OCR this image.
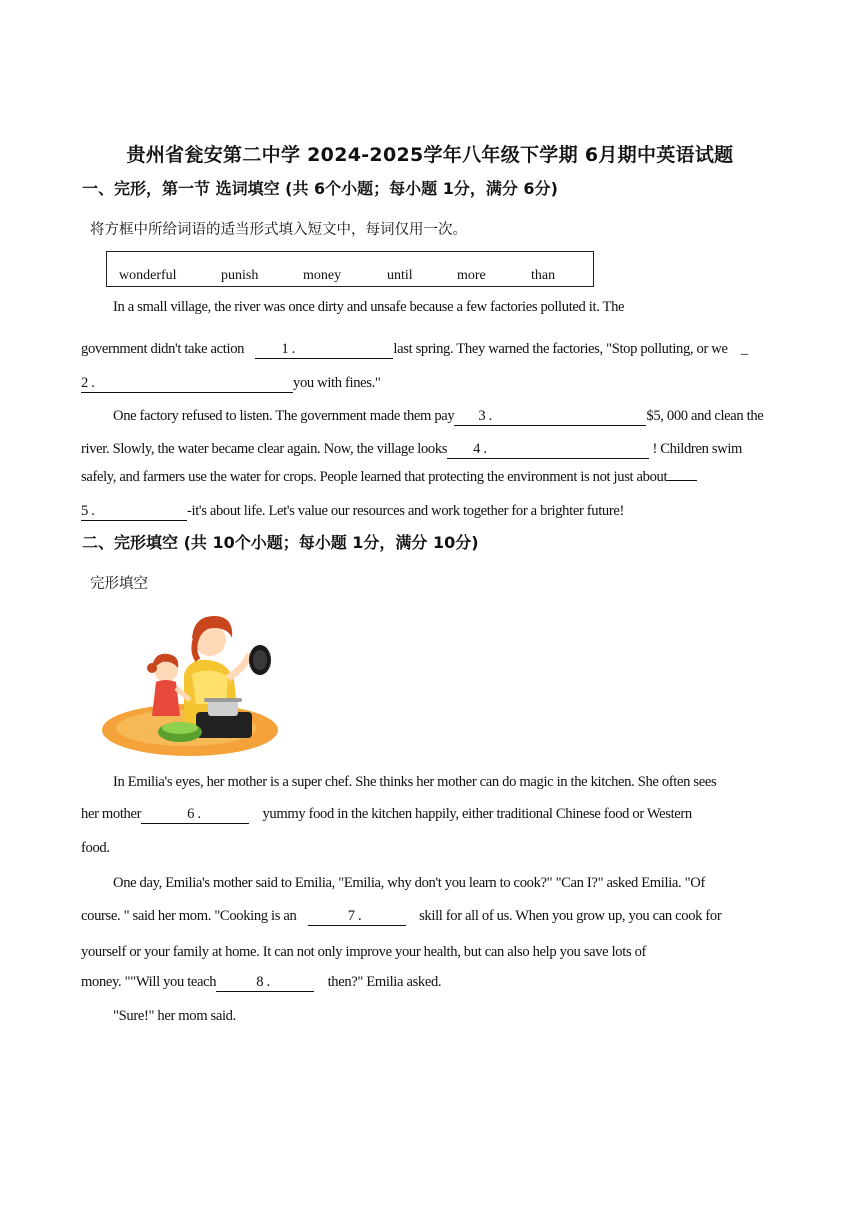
贵州省瓮安第二中学 2024-2025学年八年级下学期 6月期中英语试题
一、完形，第一节 选词填空 (共 6个小题；每小题 1分，满分 6分)
将方框中所给词语的适当形式填入短文中，每词仅用一次。
wonderful	punish	money	until	more	than
In a small village, the river was once dirty and unsafe because a few factories polluted it. The
government didn't take action	1 .	last spring. They warned the factories, "Stop polluting, or we _
2 .	you with fines."
One factory refused to listen. The government made them pay 3 .	$5, 000 and clean the
river. Slowly, the water became clear again. Now, the village looks 4 .	! Children swim
safely, and farmers use the water for crops. People learned that protecting the environment is not just about
5 .	-it's about life. Let's value our resources and work together for a brighter future!
二、完形填空 (共 10个小题；每小题 1分，满分 10分)
完形填空
In Emilia's eyes, her mother is a super chef. She thinks her mother can do magic in the kitchen. She often sees
her mother	6 .	yummy food in the kitchen happily, either traditional Chinese food or Western
food.
One day, Emilia's mother said to Emilia, "Emilia, why don't you learn to cook?" "Can I?" asked Emilia. "Of
course. " said her mom. "Cooking is an	7 .	skill for all of us. When you grow up, you can cook for
yourself or your family at home. It can not only improve your health, but can also help you save lots of
money. ""Will you teach	8 .	then?" Emilia asked.
"Sure!" her mom said.
